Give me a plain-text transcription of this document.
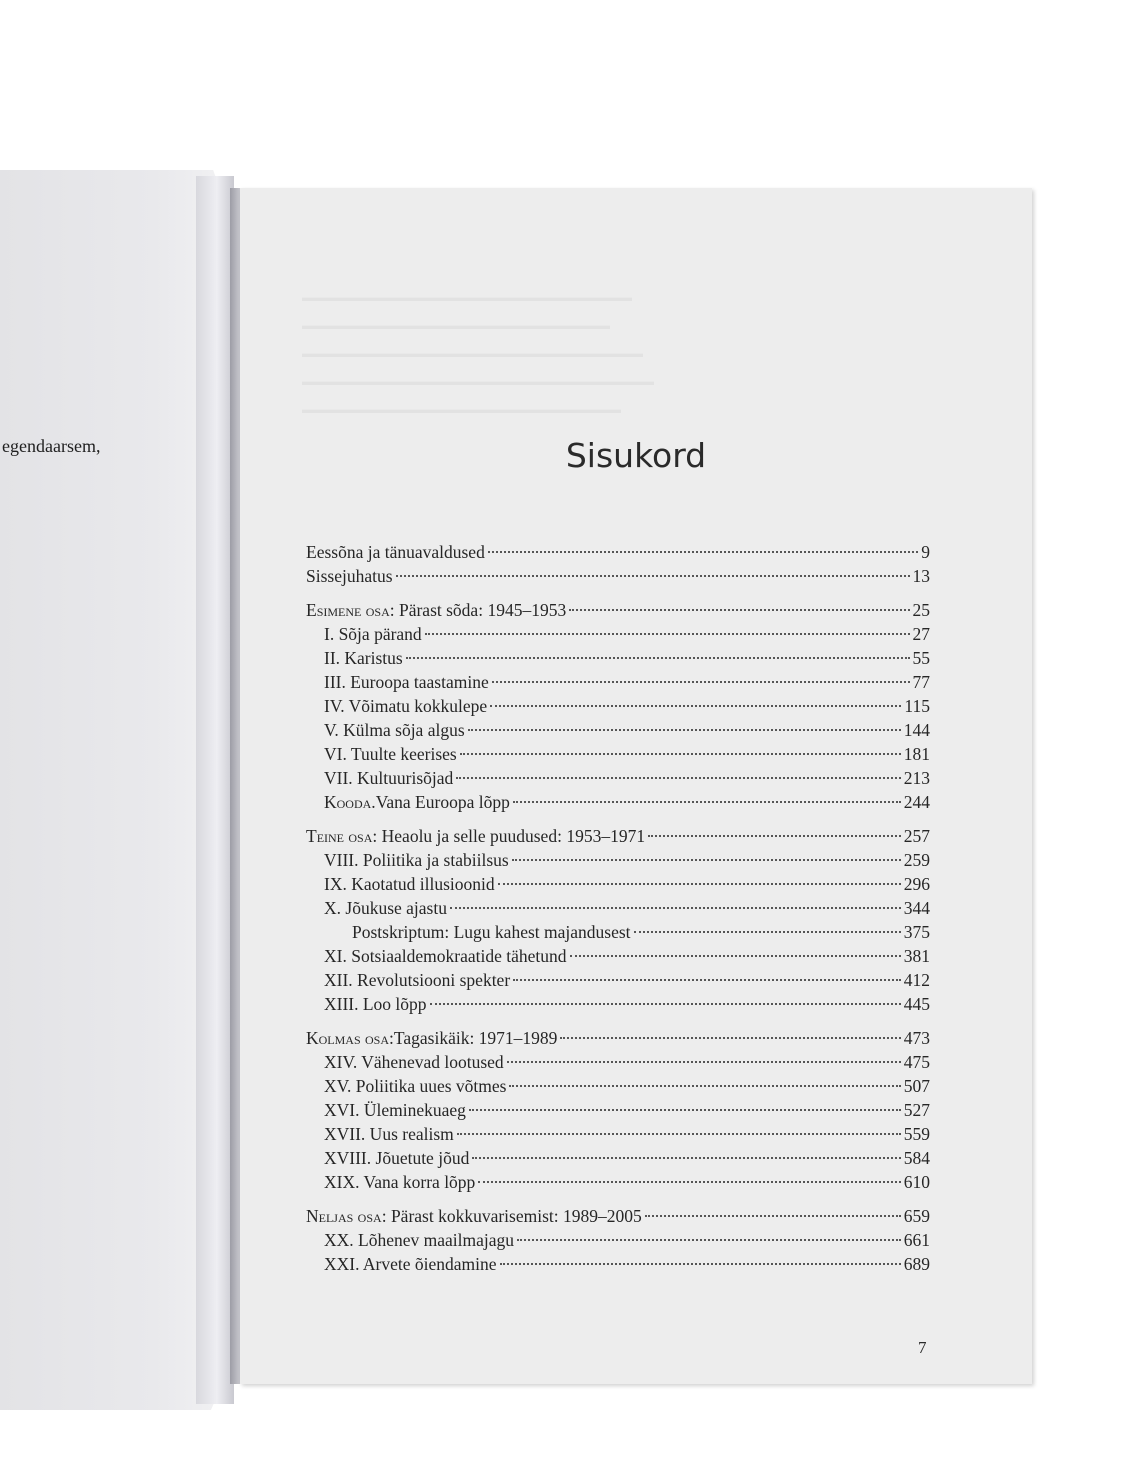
egendaarsem,
▬▬▬▬▬▬▬▬▬▬▬▬▬▬▬▬▬▬▬▬▬▬▬▬▬▬▬▬▬▬
▬▬▬▬▬▬▬▬▬▬▬▬▬▬▬▬▬▬▬▬▬▬▬▬▬▬▬▬
▬▬▬▬▬▬▬▬▬▬▬▬▬▬▬▬▬▬▬▬▬▬▬▬▬▬▬▬▬▬▬
▬▬▬▬▬▬▬▬▬▬▬▬▬▬▬▬▬▬▬▬▬▬▬▬▬▬▬▬▬▬▬▬
▬▬▬▬▬▬▬▬▬▬▬▬▬▬▬▬▬▬▬▬▬▬▬▬▬▬▬▬▬
Sisukord
Eessõna ja tänuavaldused	9
Sissejuhatus	13
Esimene osa: Pärast sõda: 1945–1953	25
I. Sõja pärand	27
II. Karistus	55
III. Euroopa taastamine	77
IV. Võimatu kokkulepe	115
V. Külma sõja algus	144
VI. Tuulte keerises	181
VII. Kultuurisõjad	213
Kooda.Vana Euroopa lõpp	244
Teine osa: Heaolu ja selle puudused: 1953–1971	257
VIII. Poliitika ja stabiilsus	259
IX. Kaotatud illusioonid	296
X. Jõukuse ajastu	344
Postskriptum: Lugu kahest majandusest	375
XI. Sotsiaaldemokraatide tähetund	381
XII. Revolutsiooni spekter	412
XIII. Loo lõpp	445
Kolmas osa:Tagasikäik: 1971–1989	473
XIV. Vähenevad lootused	475
XV. Poliitika uues võtmes	507
XVI. Üleminekuaeg	527
XVII. Uus realism	559
XVIII. Jõuetute jõud	584
XIX. Vana korra lõpp	610
Neljas osa: Pärast kokkuvarisemist: 1989–2005	659
XX. Lõhenev maailmajagu	661
XXI. Arvete õiendamine	689
7
